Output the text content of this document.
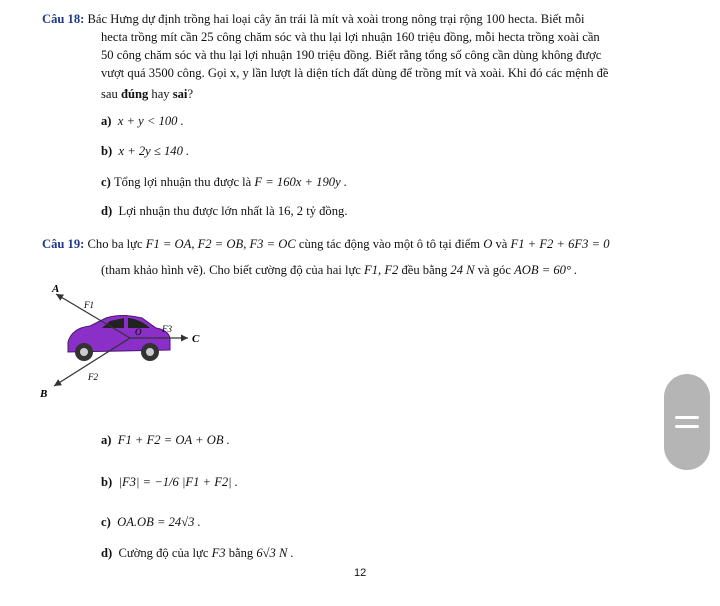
Câu 18: Bác Hưng dự định trồng hai loại cây ăn trái là mít và xoài trong nông trại rộng 100 hecta. Biết mỗi
hecta trồng mít cần 25 công chăm sóc và thu lại lợi nhuận 160 triệu đồng, mỗi hecta trồng xoài cần
50 công chăm sóc và thu lại lợi nhuận 190 triệu đồng. Biết rằng tổng số công cần dùng không được
vượt quá 3500 công. Gọi x, y lần lượt là diện tích đất dùng để trồng mít và xoài. Khi đó các mệnh đề
sau đúng hay sai?
a) x + y < 100 .
b) x + 2y ≤ 140 .
c) Tổng lợi nhuận thu được là F = 160x + 190y .
d) Lợi nhuận thu được lớn nhất là 16, 2 tỷ đồng.
Câu 19: Cho ba lực F1 = OA, F2 = OB, F3 = OC cùng tác động vào một ô tô tại điểm O và F1 + F2 + 6F3 = 0
(tham khảo hình vẽ). Cho biết cường độ của hai lực F1, F2 đều bằng 24 N và góc AOB = 60° .
A
B
C
O
F1
F2
F3
a) F1 + F2 = OA + OB .
b) |F3| = −1/6 |F1 + F2| .
c) OA.OB = 24√3 .
d) Cường độ của lực F3 bằng 6√3 N .
12
